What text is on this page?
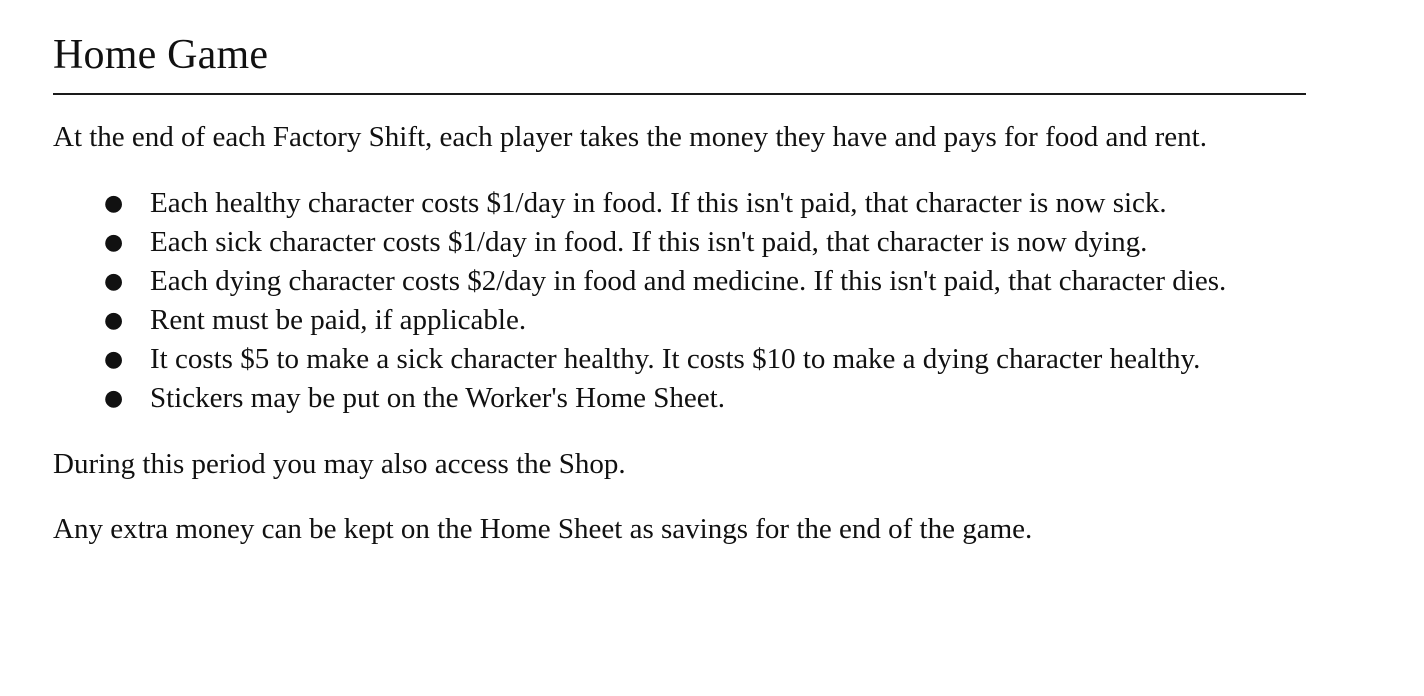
Home Game

At the end of each Factory Shift, each player takes the money they have and pays for food and rent.

● Each healthy character costs $1/day in food. If this isn't paid, that character is now sick.
● Each sick character costs $1/day in food. If this isn't paid, that character is now dying.
● Each dying character costs $2/day in food and medicine. If this isn't paid, that character dies.
● Rent must be paid, if applicable.
● It costs $5 to make a sick character healthy. It costs $10 to make a dying character healthy.
● Stickers may be put on the Worker's Home Sheet.

During this period you may also access the Shop.

Any extra money can be kept on the Home Sheet as savings for the end of the game.
